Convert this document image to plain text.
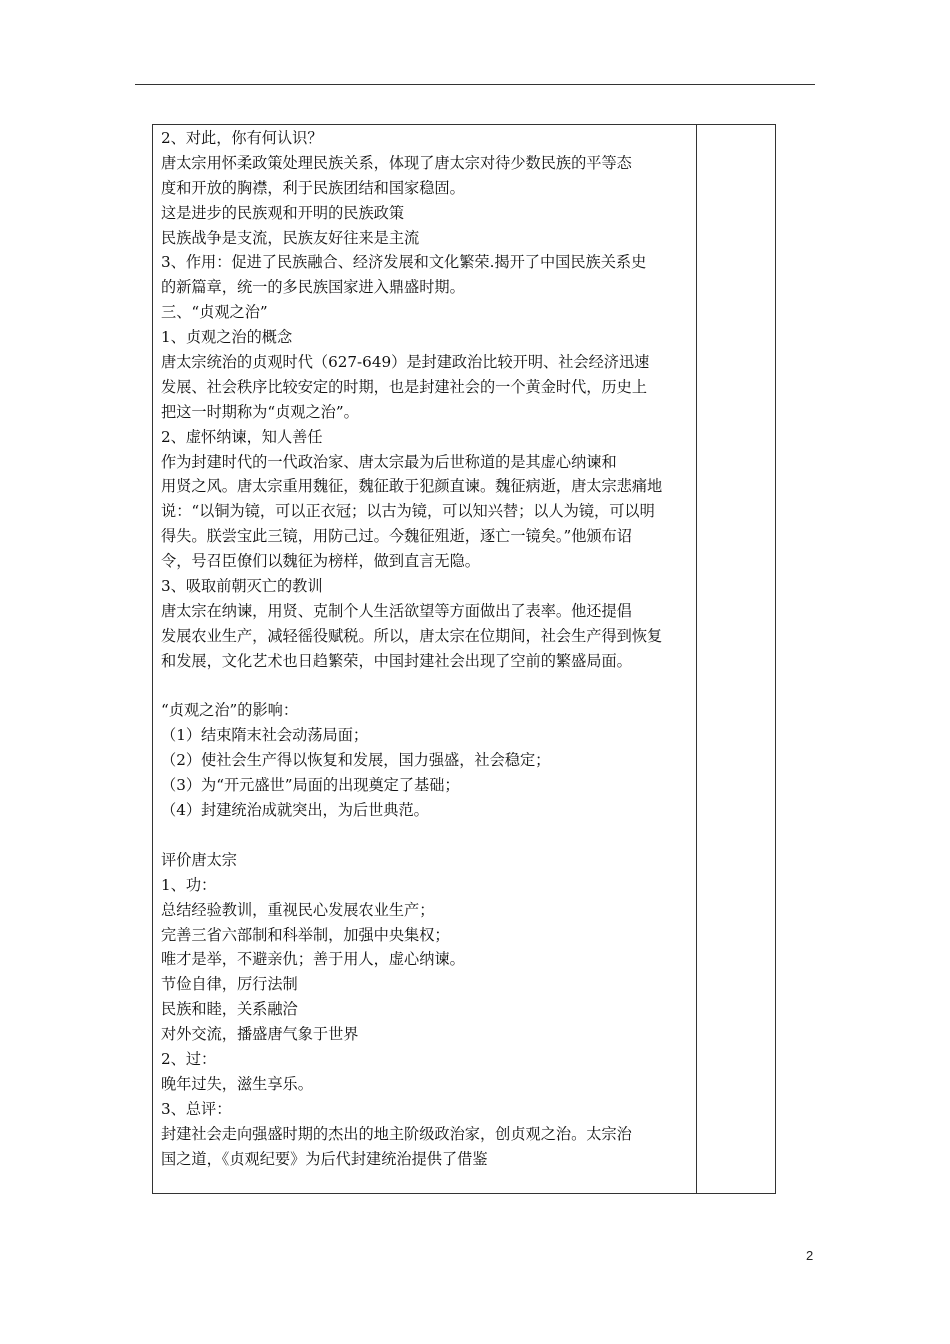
2、对此，你有何认识？
唐太宗用怀柔政策处理民族关系，体现了唐太宗对待少数民族的平等态
度和开放的胸襟，利于民族团结和国家稳固。
这是进步的民族观和开明的民族政策
民族战争是支流，民族友好往来是主流
3、作用：促进了民族融合、经济发展和文化繁荣.揭开了中国民族关系史
的新篇章，统一的多民族国家进入鼎盛时期。
三、“贞观之治”
1、贞观之治的概念
唐太宗统治的贞观时代（627-649）是封建政治比较开明、社会经济迅速
发展、社会秩序比较安定的时期，也是封建社会的一个黄金时代，历史上
把这一时期称为“贞观之治”。
2、虚怀纳谏，知人善任
作为封建时代的一代政治家、唐太宗最为后世称道的是其虚心纳谏和
用贤之风。唐太宗重用魏征，魏征敢于犯颜直谏。魏征病逝，唐太宗悲痛地
说：“以铜为镜，可以正衣冠；以古为镜，可以知兴替；以人为镜，可以明
得失。朕尝宝此三镜，用防己过。今魏征殂逝，逐亡一镜矣。”他颁布诏
令，号召臣僚们以魏征为榜样，做到直言无隐。
3、吸取前朝灭亡的教训
唐太宗在纳谏，用贤、克制个人生活欲望等方面做出了表率。他还提倡
发展农业生产，减轻徭役赋税。所以，唐太宗在位期间，社会生产得到恢复
和发展，文化艺术也日趋繁荣，中国封建社会出现了空前的繁盛局面。
“贞观之治”的影响：
（1）结束隋末社会动荡局面；
（2）使社会生产得以恢复和发展，国力强盛，社会稳定；
（3）为“开元盛世”局面的出现奠定了基础；
（4）封建统治成就突出，为后世典范。
评价唐太宗
1、功：
总结经验教训，重视民心发展农业生产；
完善三省六部制和科举制，加强中央集权；
唯才是举，不避亲仇；善于用人，虚心纳谏。
节俭自律，厉行法制
民族和睦，关系融洽
对外交流，播盛唐气象于世界
2、过：
晚年过失，滋生享乐。
3、总评：
封建社会走向强盛时期的杰出的地主阶级政治家，创贞观之治。太宗治
国之道，《贞观纪要》为后代封建统治提供了借鉴
2
